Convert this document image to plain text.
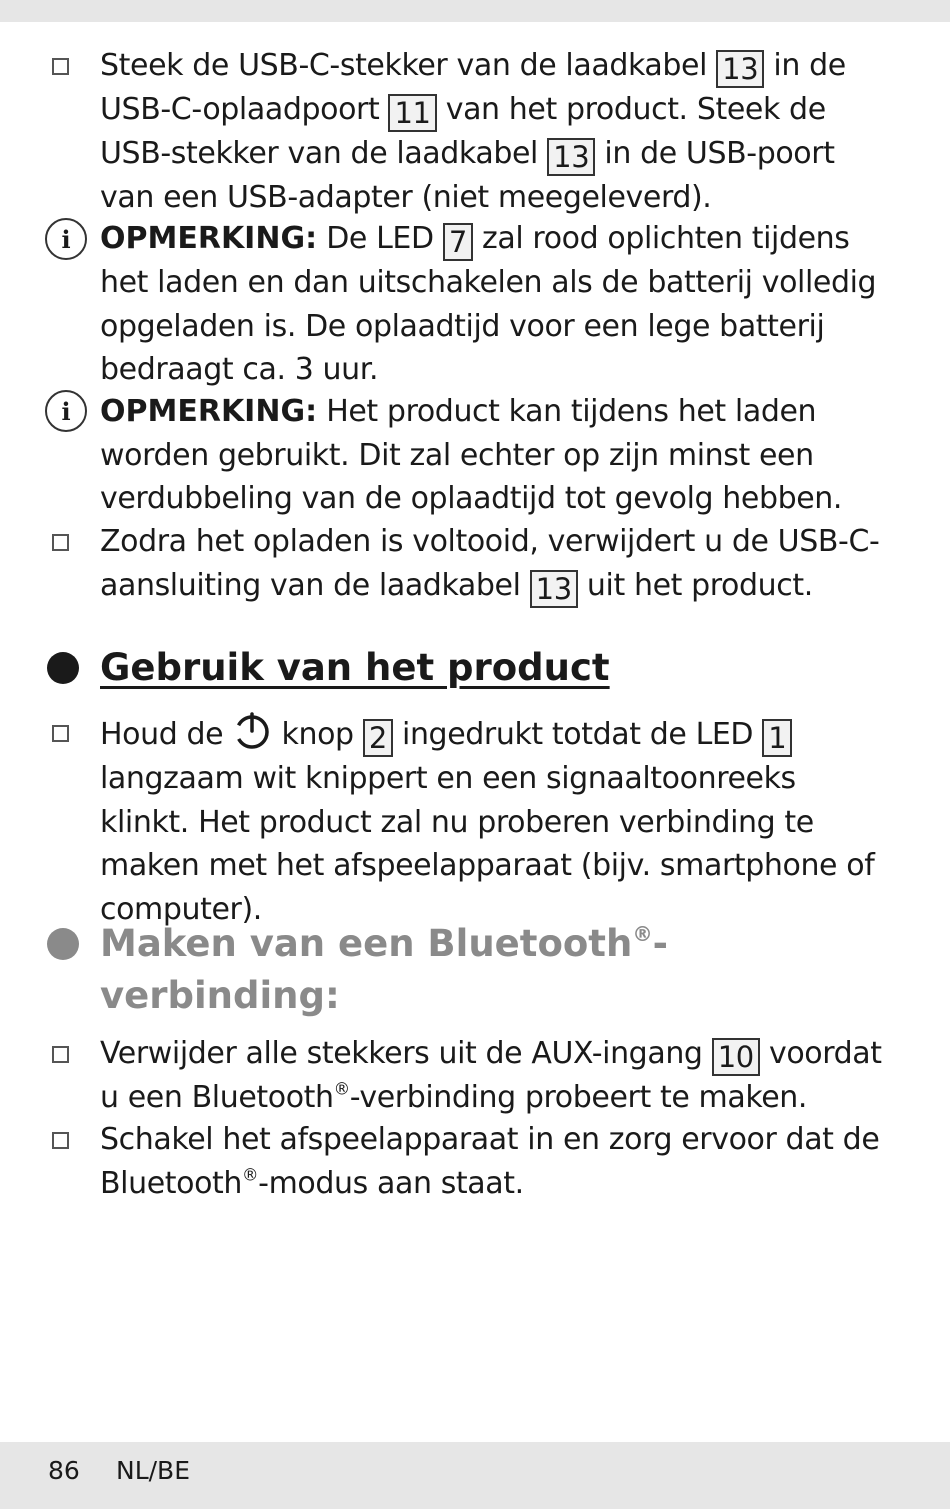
Steek de USB-C-stekker van de laadkabel 13 in de USB-C-oplaadpoort 11 van het product. Steek de USB-stekker van de laadkabel 13 in de USB-poort van een USB-adapter (niet meegeleverd).
i OPMERKING: De LED 7 zal rood oplichten tijdens het laden en dan uitschakelen als de batterij volledig opgeladen is. De oplaadtijd voor een lege batterij bedraagt ca. 3 uur.
i OPMERKING: Het product kan tijdens het laden worden gebruikt. Dit zal echter op zijn minst een verdubbeling van de oplaadtijd tot gevolg hebben.
Zodra het opladen is voltooid, verwijdert u de USB-C-aansluiting van de laadkabel 13 uit het product.
Gebruik van het product
Houd de  knop 2 ingedrukt totdat de LED 1 langzaam wit knippert en een signaaltoonreeks klinkt. Het product zal nu proberen verbinding te maken met het afspeelapparaat (bijv. smartphone of computer).
Maken van een Bluetooth®-verbinding:
Verwijder alle stekkers uit de AUX-ingang 10 voordat u een Bluetooth®-verbinding probeert te maken.
Schakel het afspeelapparaat in en zorg ervoor dat de Bluetooth®-modus aan staat.
86 NL/BE
